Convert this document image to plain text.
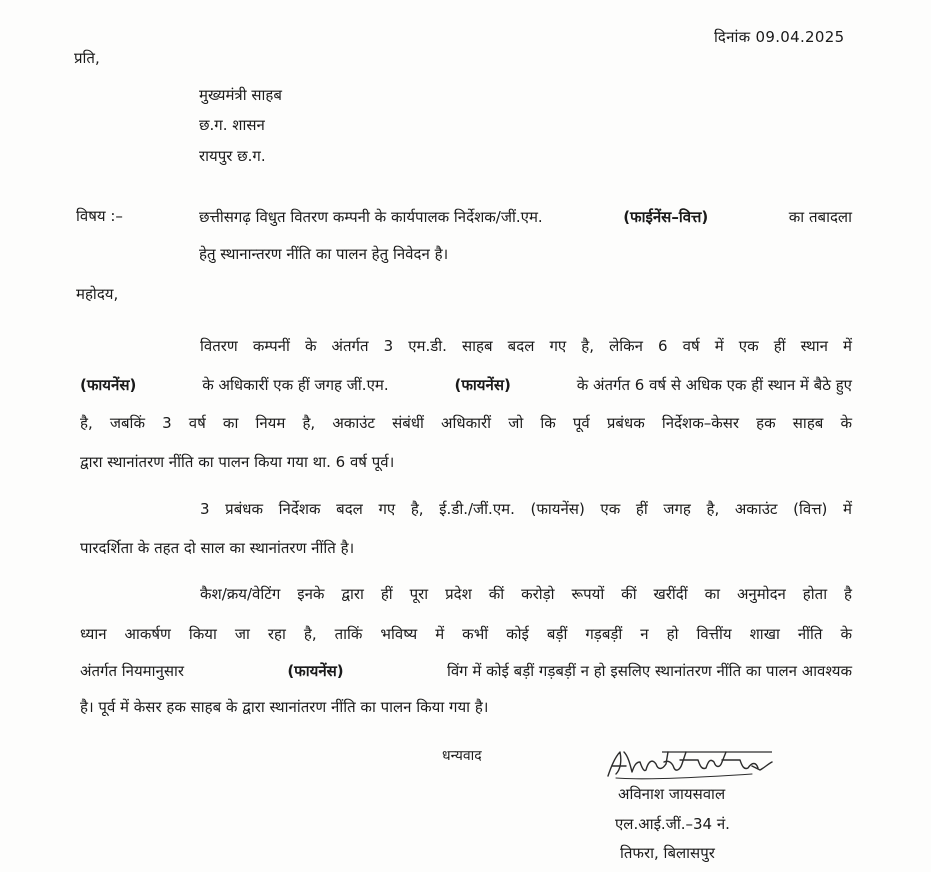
दिनांक 09.04.2025
प्रति,
मुख्यमंत्री साहब
छ.ग. शासन
रायपुर छ.ग.
विषय :–	छत्तीसगढ़ विधुत वितरण कम्पनी के कार्यपालक निर्देशक/जीं.एम.	(फाईनेंस–वित्त)	का तबादला
हेतु स्थानान्तरण नींति का पालन हेतु निवेदन है।
महोदय,
वितरण कम्पनीं के अंतर्गत 3 एम.डी. साहब बदल गए है, लेकिन 6 वर्ष में एक हीं स्थान में
(फायनेंस)	के अधिकारीं एक हीं जगह जीं.एम.	(फायनेंस)	के अंतर्गत 6 वर्ष से अधिक एक हीं स्थान में बैठे हुए
है, जबकिं 3 वर्ष का नियम है, अकाउंट संबंधीं अधिकारीं जो कि पूर्व प्रबंधक निर्देशक–केसर हक साहब के
द्वारा स्थानांतरण नींति का पालन किया गया था. 6 वर्ष पूर्व।
3 प्रबंधक निर्देशक बदल गए है, ई.डी./जीं.एम. (फायनेंस) एक हीं जगह है, अकाउंट (वित्त) में
पारदर्शिता के तहत दो साल का स्थानांतरण नींति है।
कैश/क्रय/वेटिंग इनके द्वारा हीं पूरा प्रदेश कीं करोड़ो रूपयों कीं खरींदीं का अनुमोदन होता है
ध्यान आकर्षण किया जा रहा है, ताकिं भविष्य में कभीं कोई बड़ीं गड़बड़ीं न हो वित्तींय शाखा नींति के
अंतर्गत नियमानुसार	(फायनेंस)	विंग में कोई बड़ीं गड़बड़ीं न हो इसलिए स्थानांतरण नींति का पालन आवश्यक
है। पूर्व में केसर हक साहब के द्वारा स्थानांतरण नींति का पालन किया गया है।
धन्यवाद
अविनाश जायसवाल
एल.आई.जीं.–34 नं.
तिफरा, बिलासपुर
